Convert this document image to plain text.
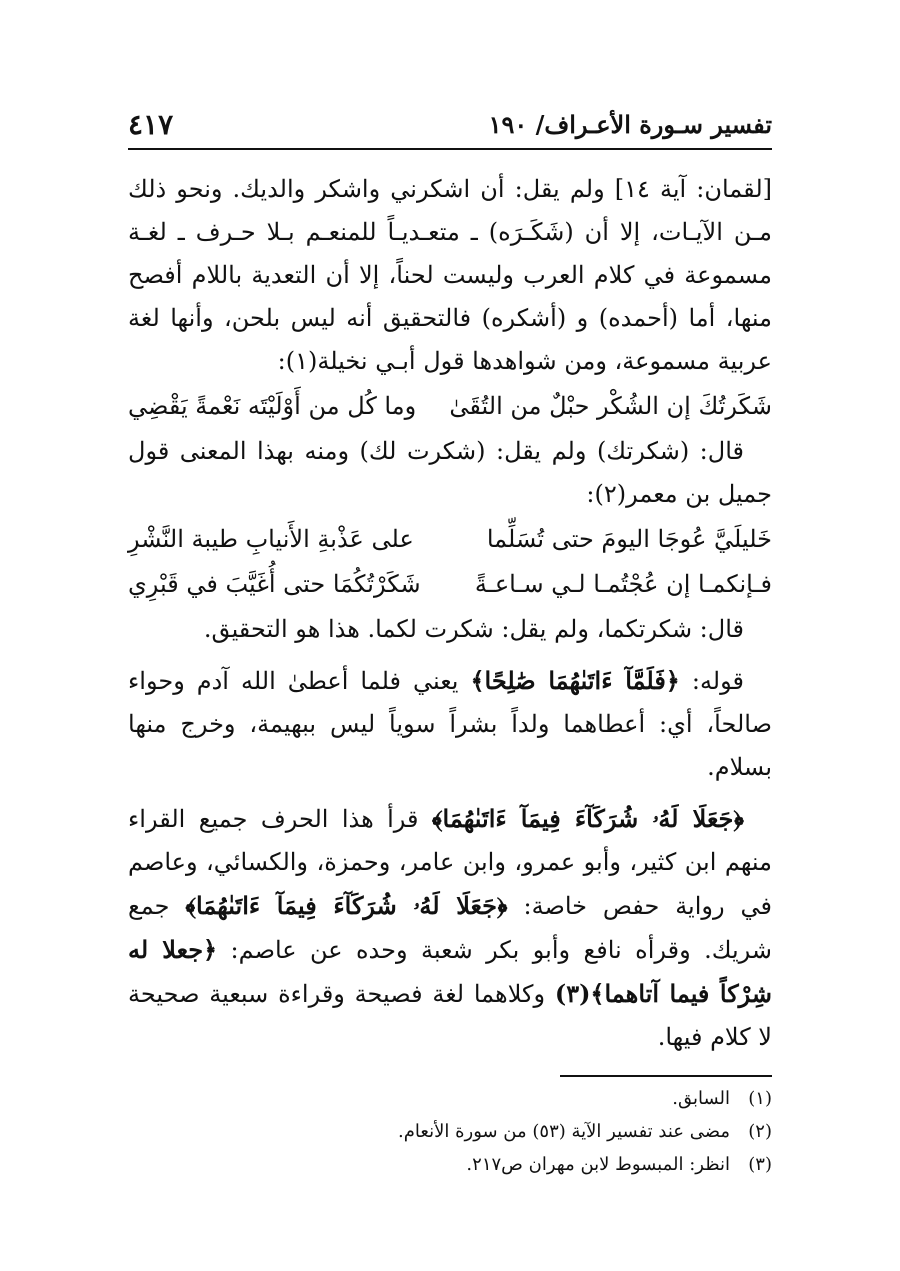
تفسير سـورة الأعـراف/ ١٩٠
٤١٧

[لقمان: آية ١٤] ولم يقل: أن اشكرني واشكر والديك. ونحو ذلك مـن الآيـات، إلا أن (شَكَـرَه) ـ متعـديـاً للمنعـم بـلا حـرف ـ لغـة مسموعة في كلام العرب وليست لحناً، إلا أن التعدية باللام أفصح منها، أما (أحمده) و (أشكره) فالتحقيق أنه ليس بلحن، وأنها لغة عربية مسموعة، ومن شواهدها قول أبـي نخيلة(١):

شَكَرتُكَ إن الشُكْر حبْلٌ من التُقَىٰ
وما كُل من أَوْلَيْتَه نَعْمةً يَقْضِي

قال: (شكرتك) ولم يقل: (شكرت لك) ومنه بهذا المعنى قول جميل بن معمر(٢):

خَليلَيَّ عُوجَا اليومَ حتى تُسَلِّما
على عَذْبةِ الأَنيابِ طيبة النَّشْرِ
فـإنكمـا إن عُجْتُمـا لـي سـاعـةً
شَكَرْتُكُمَا حتى أُغَيَّبَ في قَبْرِي

قال: شكرتكما، ولم يقل: شكرت لكما. هذا هو التحقيق.

قوله: ﴿فَلَمَّآ ءَاتَىٰهُمَا صَٰلِحًا﴾ يعني فلما أعطىٰ الله آدم وحواء صالحاً، أي: أعطاهما ولداً بشراً سوياً ليس ببهيمة، وخرج منها بسلام.

﴿جَعَلَا لَهُۥ شُرَكَآءَ فِيمَآ ءَاتَىٰهُمَا﴾ قرأ هذا الحرف جميع القراء منهم ابن كثير، وأبو عمرو، وابن عامر، وحمزة، والكسائي، وعاصم في رواية حفص خاصة: ﴿جَعَلَا لَهُۥ شُرَكَآءَ فِيمَآ ءَاتَىٰهُمَا﴾ جمع شريك. وقرأه نافع وأبو بكر شعبة وحده عن عاصم: ﴿جعلا له شِرْكاً فيما آتاهما﴾(٣) وكلاهما لغة فصيحة وقراءة سبعية صحيحة لا كلام فيها.

(١)السابق.
(٢)مضى عند تفسير الآية (٥٣) من سورة الأنعام.
(٣)انظر: المبسوط لابن مهران ص٢١٧.
